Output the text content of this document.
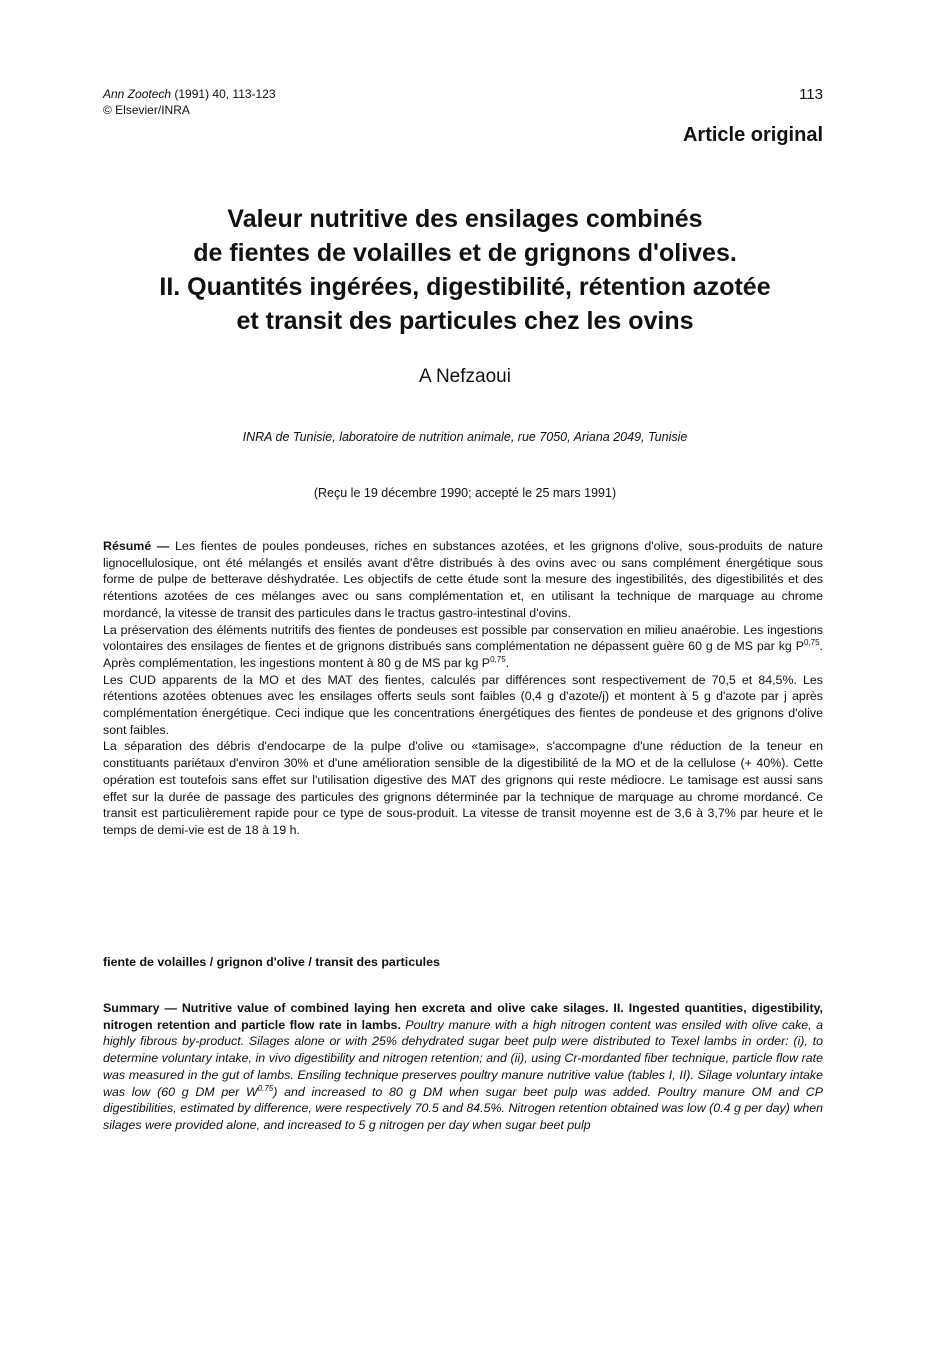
Ann Zootech (1991) 40, 113-123
© Elsevier/INRA
113
Article original
Valeur nutritive des ensilages combinés
de fientes de volailles et de grignons d'olives.
II. Quantités ingérées, digestibilité, rétention azotée
et transit des particules chez les ovins
A Nefzaoui
INRA de Tunisie, laboratoire de nutrition animale, rue 7050, Ariana 2049, Tunisie
(Reçu le 19 décembre 1990; accepté le 25 mars 1991)

Résumé — Les fientes de poules pondeuses, riches en substances azotées, et les grignons d'olive, sous-produits de nature lignocellulosique, ont été mélangés et ensilés avant d'être distribués à des ovins avec ou sans complément énergétique sous forme de pulpe de betterave déshydratée. Les objectifs de cette étude sont la mesure des ingestibilités, des digestibilités et des rétentions azotées de ces mélanges avec ou sans complémentation et, en utilisant la technique de marquage au chrome mordancé, la vitesse de transit des particules dans le tractus gastro-intestinal d'ovins.

La préservation des éléments nutritifs des fientes de pondeuses est possible par conservation en milieu anaérobie. Les ingestions volontaires des ensilages de fientes et de grignons distribués sans complémentation ne dépassent guère 60 g de MS par kg P$^{0,75}$. Après complémentation, les ingestions montent à 80 g de MS par kg P$^{0,75}$.

Les CUD apparents de la MO et des MAT des fientes, calculés par différences sont respectivement de 70,5 et 84,5%. Les rétentions azotées obtenues avec les ensilages offerts seuls sont faibles (0,4 g d'azote/j) et montent à 5 g d'azote par j après complémentation énergétique. Ceci indique que les concentrations énergétiques des fientes de pondeuse et des grignons d'olive sont faibles.

La séparation des débris d'endocarpe de la pulpe d'olive ou «tamisage», s'accompagne d'une réduction de la teneur en constituants pariétaux d'environ 30% et d'une amélioration sensible de la digestibilité de la MO et de la cellulose (+ 40%). Cette opération est toutefois sans effet sur l'utilisation digestive des MAT des grignons qui reste médiocre. Le tamisage est aussi sans effet sur la durée de passage des particules des grignons déterminée par la technique de marquage au chrome mordancé. Ce transit est particulièrement rapide pour ce type de sous-produit. La vitesse de transit moyenne est de 3,6 à 3,7% par heure et le temps de demi-vie est de 18 à 19 h.

fiente de volailles / grignon d'olive / transit des particules

Summary — Nutritive value of combined laying hen excreta and olive cake silages. II. Ingested quantities, digestibility, nitrogen retention and particle flow rate in lambs. Poultry manure with a high nitrogen content was ensiled with olive cake, a highly fibrous by-product. Silages alone or with 25% dehydrated sugar beet pulp were distributed to Texel lambs in order: (i), to determine voluntary intake, in vivo digestibility and nitrogen retention; and (ii), using Cr-mordanted fiber technique, particle flow rate was measured in the gut of lambs. Ensiling technique preserves poultry manure nutritive value (tables I, II). Silage voluntary intake was low (60 g DM per $W^{0.75}$) and increased to 80 g DM when sugar beet pulp was added. Poultry manure OM and CP digestibilities, estimated by difference, were respectively 70.5 and 84.5%. Nitrogen retention obtained was low (0.4 g per day) when silages were provided alone, and increased to 5 g nitrogen per day when sugar beet pulp
